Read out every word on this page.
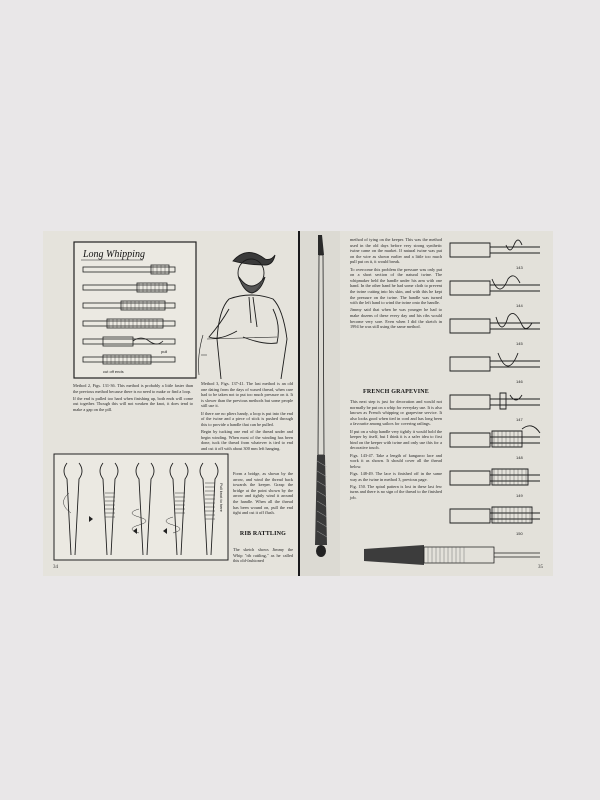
Long Whipping
pull
cut off ends

Method 2, Figs. 131-36. This method is probably a little faster than the previous method because there is no need to make or find a loop.

If the end is pulled too hard when finishing up, both ends will come out together. Though this will not weaken the knot, it does tend to make a gap on the pill.

Method 3, Figs. 137-41. The last method is an old one dating from the days of waxed thread, when care had to be taken not to put too much pressure on it. It is slower than the previous methods but some people still use it.

If there are no pliers handy, a loop is put into the end of the twine and a piece of stick is pushed through this to provide a handle that can be pulled.

Begin by tucking one end of the thread under and begin winding. When most of the winding has been done, tuck the thread from whatever is tied to end and cut it off with about 300 mm left hanging.

Form a bridge, as shown by the arrow, and wind the thread back towards the keeper. Grasp the bridge at the point shown by the arrow and tightly wind it around the handle. When all the thread has been wound on, pull the end tight and cut it off flush.

RIB RATTLING

The sketch shows Jimmy the Whip "rib rattling," as he called this old-fashioned

Pull knot to here
34

method of tying on the keeper. This was the method used in the old days before very strong synthetic twine came on the market. If natural twine was put on the wire as shown earlier and a little too much pull put on it, it would break.

To overcome this problem the pressure was only put on a short section of the natural twine. The whipmaker held the handle under his arm with one hand. In the other hand he had some cloth to prevent the twine cutting into his skin, and with this he kept the pressure on the twine. The handle was turned with the left hand to wind the twine onto the handle.

Jimmy said that when he was younger he had to make dozens of these every day and his ribs would become very sore. Even when I did the sketch in 1994 he was still using the same method.

FRENCH GRAPEVINE

This next step is just for decoration and would not normally be put on a whip for everyday use. It is also known as French whipping or grapevine service. It also looks good when tied in cord and has long been a favourite among sailors for covering railings.

If put on a whip handle very tightly it would hold the keeper by itself, but I think it is a safer idea to first bind on the keeper with twine and only use this for a decorative touch.

Figs. 143-47. Take a length of kangaroo lace and work it as shown. It should cover all the thread below.

Figs. 148-49. The lace is finished off in the same way as the twine in method 3, previous page.

Fig. 150. The spiral pattern is lost in these last few turns and there is no sign of the thread to the finished job.

143
144
145
146
147
148
149
150
35
